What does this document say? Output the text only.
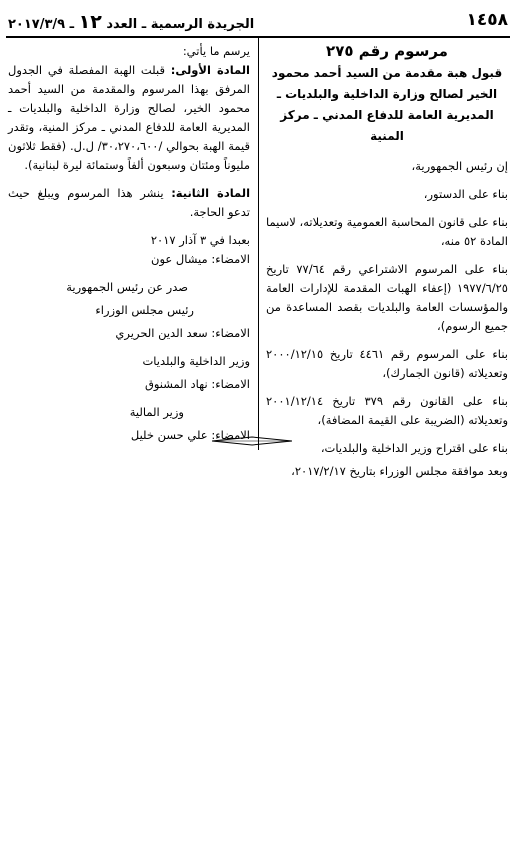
١٤٥٨
الجريدة الرسمية ـ العدد ١٢ ـ ٢٠١٧/٣/٩
مرسوم رقم ٢٧٥
قبول هبة مقدمة من السيد أحمد محمود الخير لصالح وزارة الداخلية والبلديات ـ المديرية العامة للدفاع المدني ـ مركز المنية

إن رئيس الجمهورية،

بناء على الدستور،

بناء على قانون المحاسبة العمومية وتعديلاته، لاسيما المادة ٥٢ منه،

بناء على المرسوم الاشتراعي رقم ٧٧/٦٤ تاريخ ١٩٧٧/٦/٢٥ (إعفاء الهبات المقدمة للإدارات العامة والمؤسسات العامة والبلديات بقصد المساعدة من جميع الرسوم)،

بناء على المرسوم رقم ٤٤٦١ تاريخ ٢٠٠٠/١٢/١٥ وتعديلاته (قانون الجمارك)،

بناء على القانون رقم ٣٧٩ تاريخ ٢٠٠١/١٢/١٤ وتعديلاته (الضريبة على القيمة المضافة)،

بناء على اقتراح وزير الداخلية والبلديات،

وبعد موافقة مجلس الوزراء بتاريخ ٢٠١٧/٢/١٧،

يرسم ما يأتي:

المادة الأولى: قبلت الهبة المفصلة في الجدول المرفق بهذا المرسوم والمقدمة من السيد أحمد محمود الخير، لصالح وزارة الداخلية والبلديات ـ المديرية العامة للدفاع المدني ـ مركز المنية، وتقدر قيمة الهبة بحوالي /٣٠،٢٧٠،٦٠٠/ ل.ل. (فقط ثلاثون مليوناً ومئتان وسبعون ألفاً وستمائة ليرة لبنانية).

المادة الثانية: ينشر هذا المرسوم ويبلغ حيث تدعو الحاجة.

بعبدا في ٣ آذار ٢٠١٧

الامضاء: ميشال عون

صدر عن رئيس الجمهورية

رئيس مجلس الوزراء

الامضاء: سعد الدين الحريري

وزير الداخلية والبلديات

الامضاء: نهاد المشنوق

وزير المالية

الامضاء: علي حسن خليل
